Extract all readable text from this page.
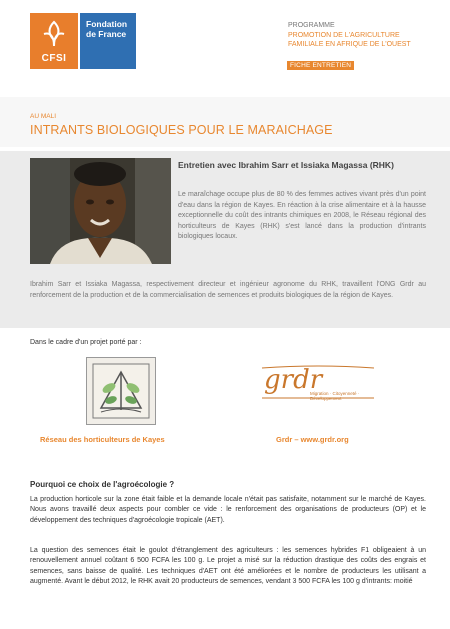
CFSI
Fondation de France
PROGRAMME
PROMOTION DE L'AGRICULTURE
FAMILIALE EN AFRIQUE DE L'OUEST
FICHE ENTRETIEN
AU MALI
INTRANTS BIOLOGIQUES POUR LE MARAICHAGE
Entretien avec Ibrahim Sarr et Issiaka Magassa (RHK)
Le maraîchage occupe plus de 80 % des femmes actives vivant près d'un point d'eau dans la région de Kayes. En réaction à la crise alimentaire et à la hausse exceptionnelle du coût des intrants chimiques en 2008, le Réseau régional des horticulteurs de Kayes (RHK) s'est lancé dans la production d'intrants biologiques locaux.
Ibrahim Sarr et Issiaka Magassa, respectivement directeur et ingénieur agronome du RHK, travaillent l'ONG Grdr au renforcement de la production et de la commercialisation de semences et produits biologiques de la région de Kayes.
Dans le cadre d'un projet porté par :
grdr
Migration · Citoyenneté · Développement
Réseau des horticulteurs de Kayes	Grdr – www.grdr.org
Pourquoi ce choix de l'agroécologie ?
La production horticole sur la zone était faible et la demande locale n'était pas satisfaite, notamment sur le marché de Kayes. Nous avons travaillé deux aspects pour combler ce vide : le renforcement des organisations de producteurs (OP) et le développement des techniques d'agroécologie tropicale (AET).
La question des semences était le goulot d'étranglement des agriculteurs : les semences hybrides F1 obligeaient à un renouvellement annuel coûtant 6 500 FCFA les 100 g. Le projet a misé sur la réduction drastique des coûts des engrais et semences, sans baisse de qualité. Les techniques d'AET ont été améliorées et le nombre de producteurs les utilisant a augmenté. Avant le début 2012, le RHK avait 20 producteurs de semences, vendant 3 500 FCFA les 100 g d'intrants: moitié
